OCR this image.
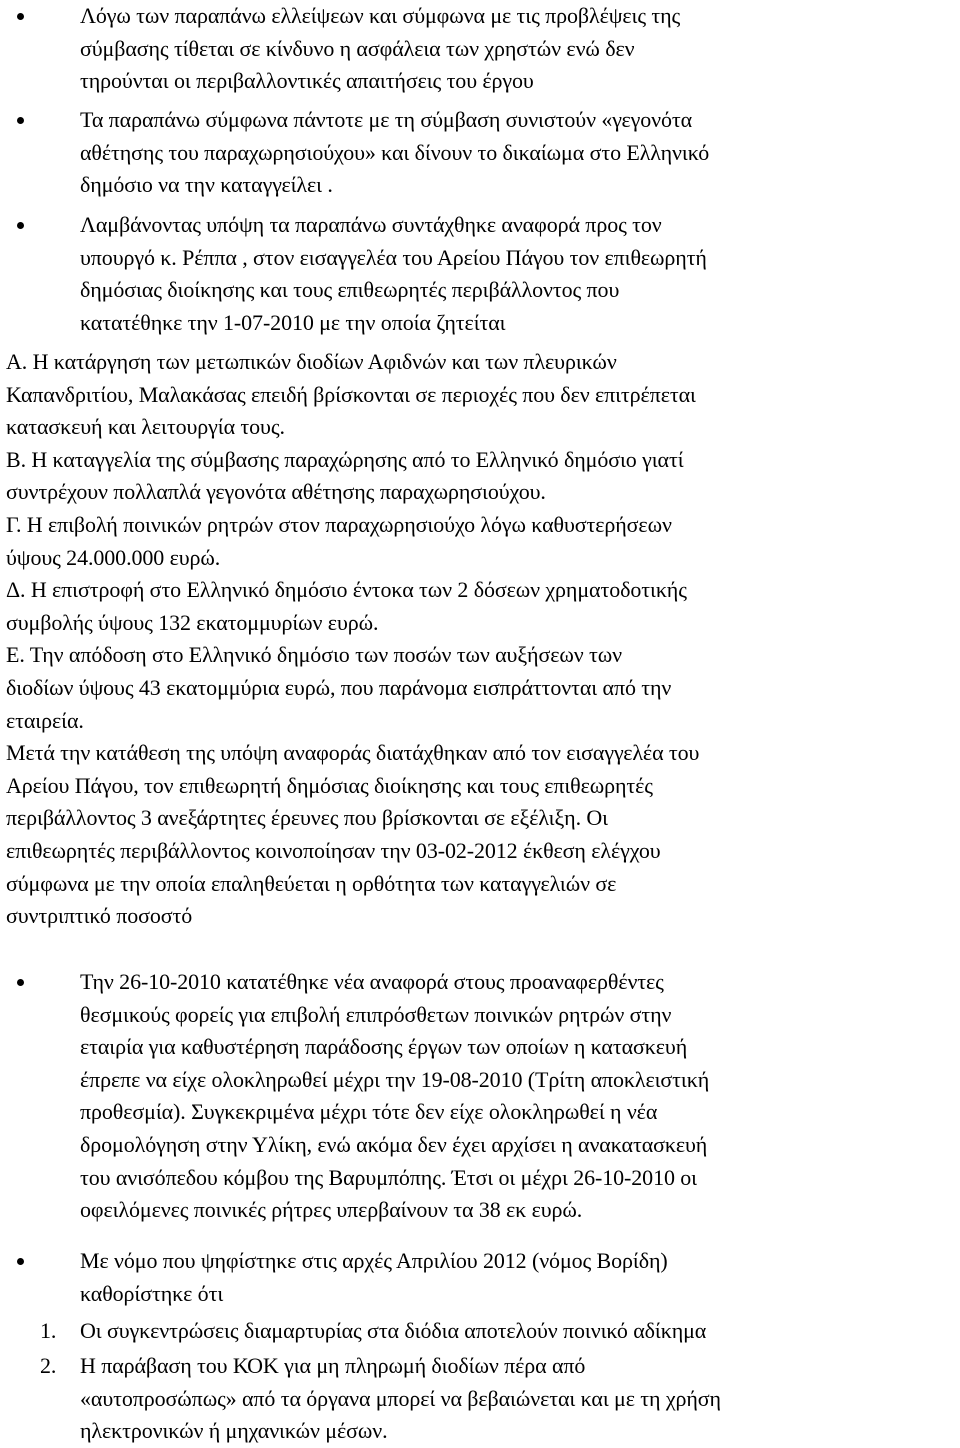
Λόγω των παραπάνω ελλείψεων και σύμφωνα με τις προβλέψεις της
σύμβασης τίθεται σε κίνδυνο η ασφάλεια των χρηστών ενώ δεν
τηρούνται οι περιβαλλοντικές απαιτήσεις του έργου
Τα παραπάνω σύμφωνα πάντοτε με τη σύμβαση συνιστούν «γεγονότα
αθέτησης του παραχωρησιούχου» και δίνουν το δικαίωμα στο Ελληνικό
δημόσιο να την καταγγείλει .
Λαμβάνοντας υπόψη τα παραπάνω συντάχθηκε αναφορά προς τον
υπουργό κ. Ρέππα , στον εισαγγελέα του Αρείου Πάγου τον επιθεωρητή
δημόσιας διοίκησης και τους επιθεωρητές περιβάλλοντος που
κατατέθηκε την 1-07-2010 με την οποία ζητείται
Α. Η κατάργηση των μετωπικών διοδίων Αφιδνών και των πλευρικών
Καπανδριτίου, Μαλακάσας επειδή βρίσκονται σε περιοχές που δεν επιτρέπεται
κατασκευή και λειτουργία τους.
Β. Η καταγγελία της σύμβασης παραχώρησης από το Ελληνικό δημόσιο γιατί
συντρέχουν πολλαπλά γεγονότα αθέτησης παραχωρησιούχου.
Γ. Η επιβολή ποινικών ρητρών στον παραχωρησιούχο λόγω καθυστερήσεων
ύψους 24.000.000 ευρώ.
Δ. Η επιστροφή στο Ελληνικό δημόσιο έντοκα των 2 δόσεων χρηματοδοτικής
συμβολής ύψους 132 εκατομμυρίων ευρώ.
Ε. Την απόδοση στο Ελληνικό δημόσιο των ποσών των αυξήσεων των
διοδίων ύψους 43 εκατομμύρια ευρώ, που παράνομα εισπράττονται από την
εταιρεία.
Μετά την κατάθεση της υπόψη αναφοράς διατάχθηκαν από τον εισαγγελέα του
Αρείου Πάγου, τον επιθεωρητή δημόσιας διοίκησης και τους επιθεωρητές
περιβάλλοντος 3 ανεξάρτητες έρευνες που βρίσκονται σε εξέλιξη. Οι
επιθεωρητές περιβάλλοντος κοινοποίησαν την 03-02-2012 έκθεση ελέγχου
σύμφωνα με την οποία επαληθεύεται η ορθότητα των καταγγελιών σε
συντριπτικό ποσοστό
Την 26-10-2010 κατατέθηκε νέα αναφορά στους προαναφερθέντες
θεσμικούς φορείς για επιβολή επιπρόσθετων ποινικών ρητρών στην
εταιρία για καθυστέρηση παράδοσης έργων των οποίων η κατασκευή
έπρεπε να είχε ολοκληρωθεί μέχρι την 19-08-2010 (Τρίτη αποκλειστική
προθεσμία). Συγκεκριμένα μέχρι τότε δεν είχε ολοκληρωθεί η νέα
δρομολόγηση στην Υλίκη, ενώ ακόμα δεν έχει αρχίσει η ανακατασκευή
του ανισόπεδου κόμβου της Βαρυμπόπης. Έτσι οι μέχρι 26-10-2010 οι
οφειλόμενες ποινικές ρήτρες υπερβαίνουν τα 38 εκ ευρώ.
Με νόμο που ψηφίστηκε στις αρχές Απριλίου 2012 (νόμος Βορίδη)
καθορίστηκε ότι
1.	Οι συγκεντρώσεις διαμαρτυρίας στα διόδια αποτελούν ποινικό αδίκημα
2.	Η παράβαση του ΚΟΚ για μη πληρωμή διοδίων πέρα από
«αυτοπροσώπως» από τα όργανα μπορεί να βεβαιώνεται και με τη χρήση
ηλεκτρονικών ή μηχανικών μέσων.
